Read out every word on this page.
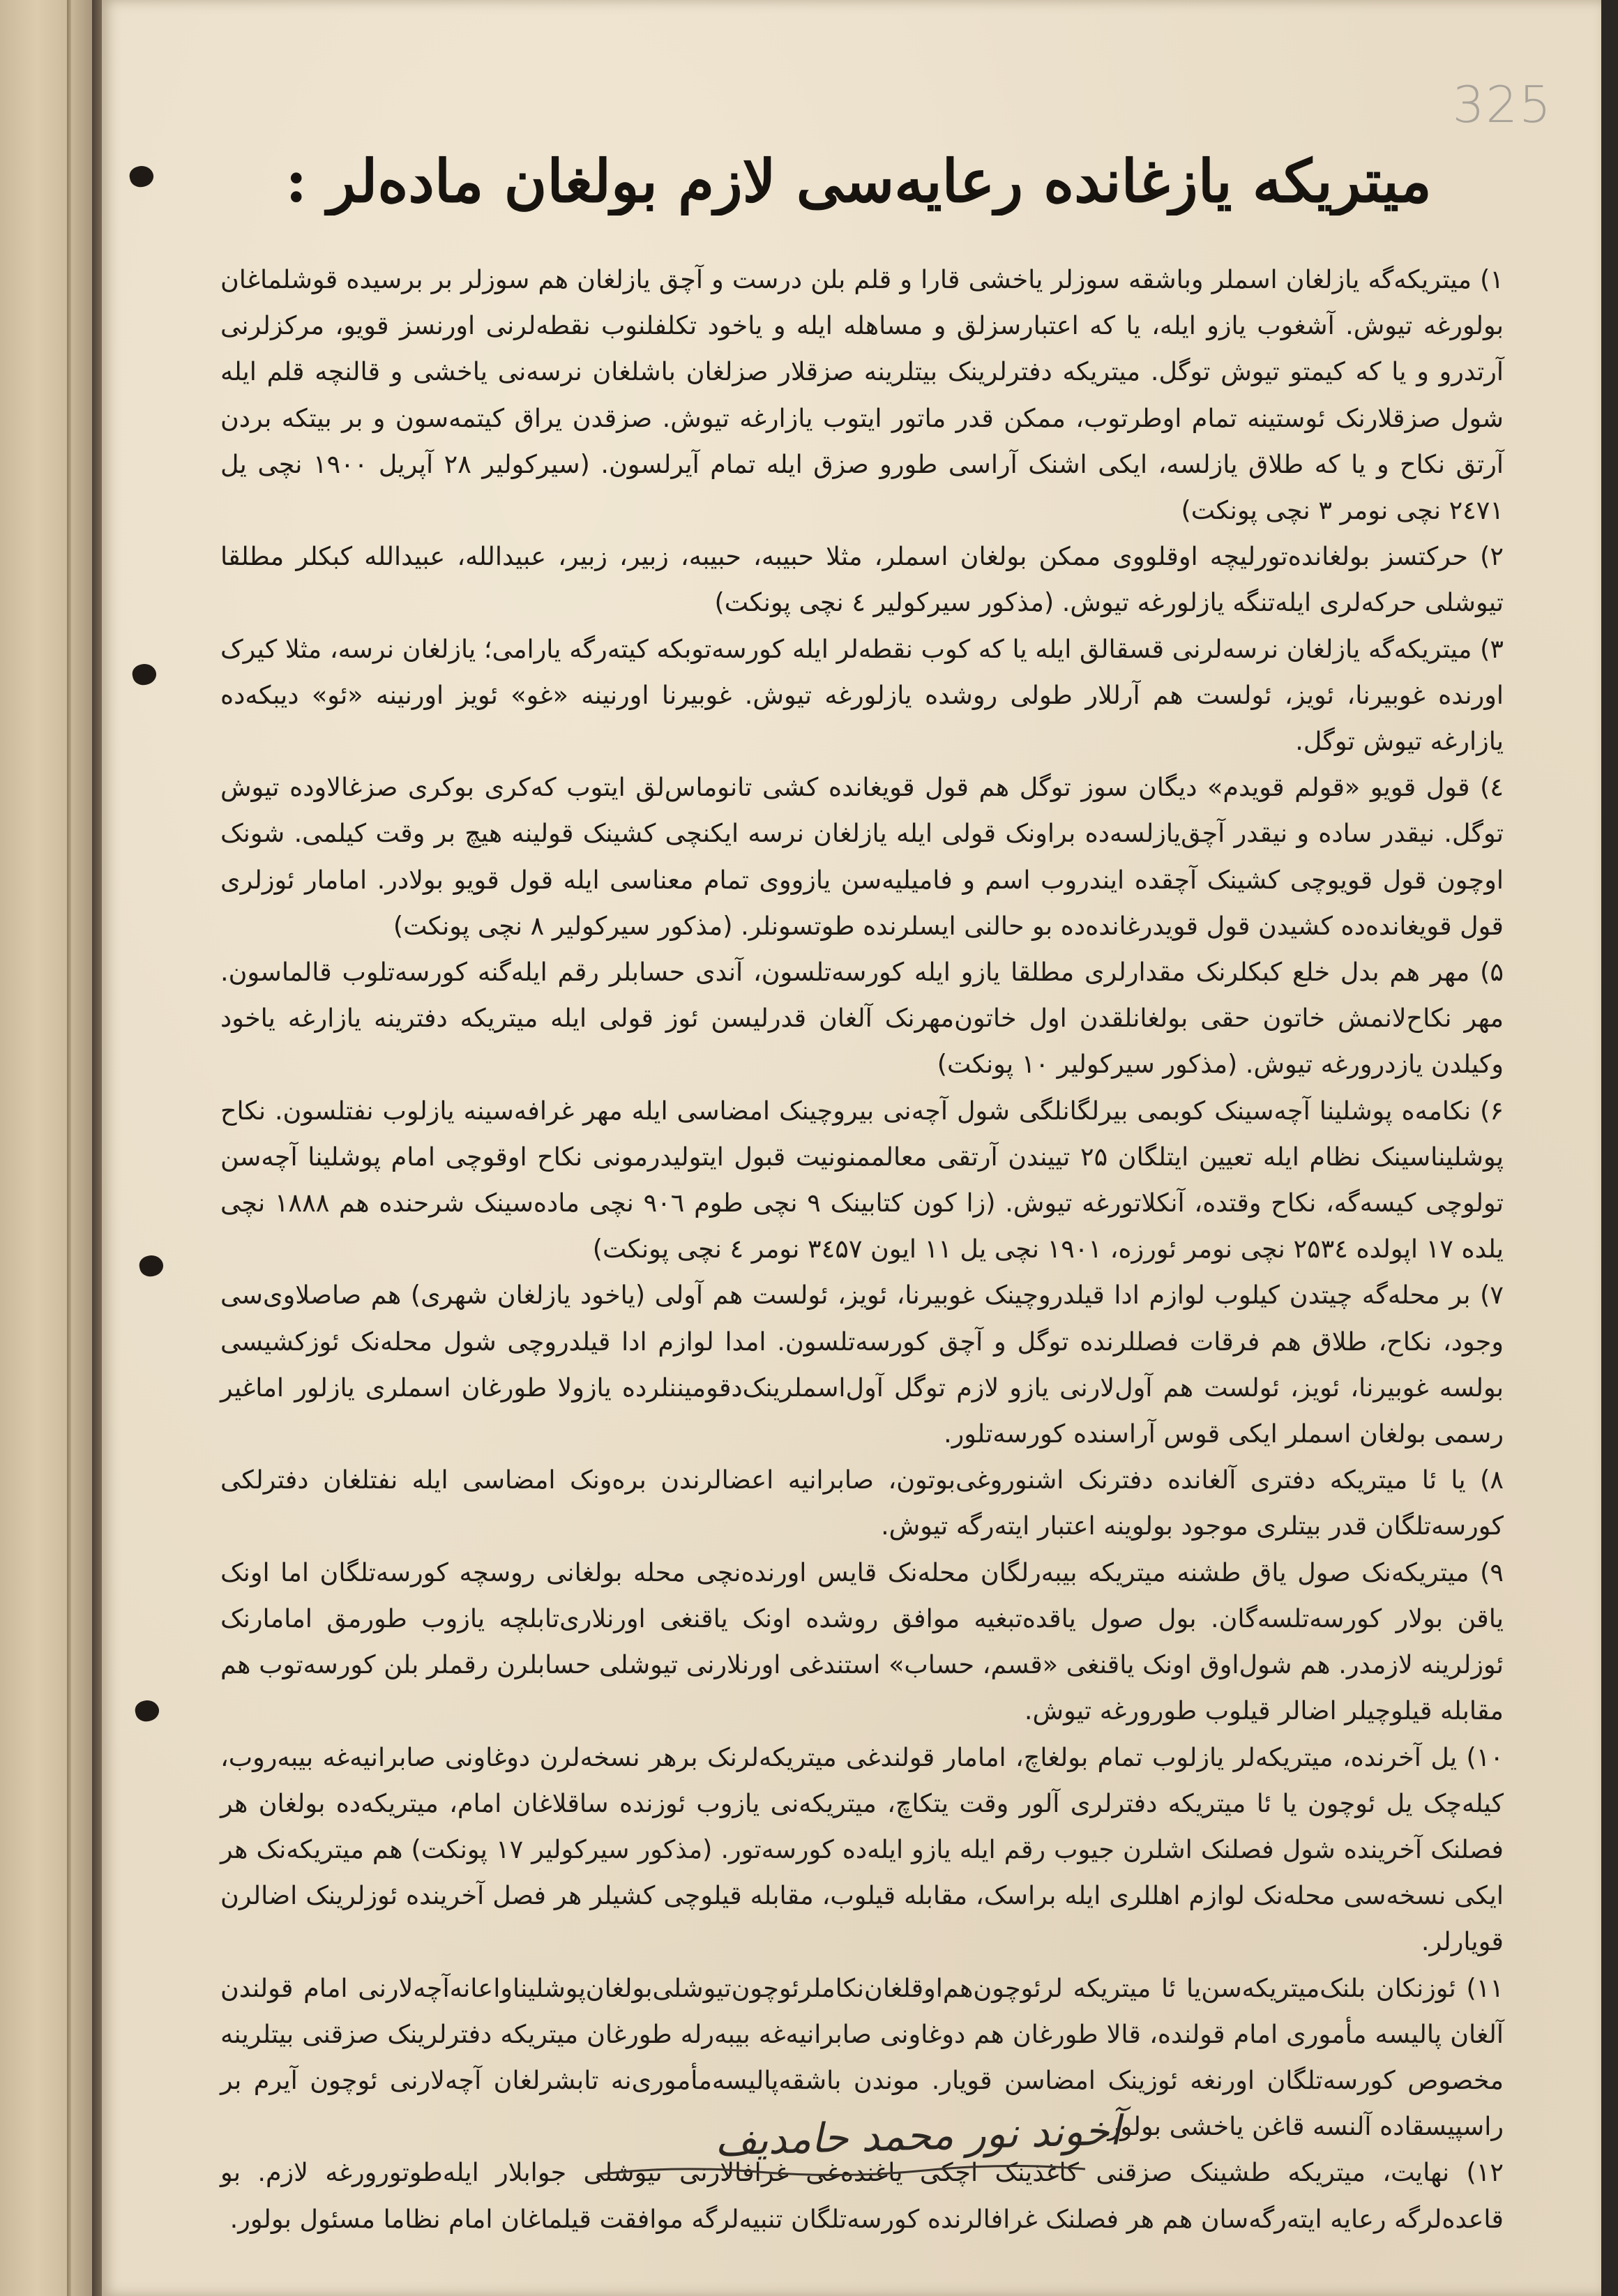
325
میتریکه یازغانده رعایه‌سی لازم بولغان ماده‌لر :

۱) میتریکه‌گه یازلغان اسملر وباشقه سوزلر یاخشی قارا و قلم بلن درست و آچق یازلغان هم سوزلر بر برسیده قوشلماغان بولورغه تیوش. آشغوب یازو ایله، یا که اعتبارسزلق و مساهله ایله و یاخود تکلفلنوب نقطه‌لرنی اورنسز قویو، مرکزلرنی آرتدرو و یا که کیمتو تیوش توگل. میتریکه دفترلرینک بیتلرینه صزقلار صزلغان باشلغان نرسه‌نی یاخشی و قالنچه قلم ایله شول صزقلارنک ئوستینه تمام اوطرتوب، ممکن قدر ماتور ایتوب یازارغه تیوش. صزقدن یراق کیتمه‌سون و بر بیتکه بردن آرتق نکاح و یا که طلاق یازلسه، ایکی اشنک آراسی طورو صزق ایله تمام آیرلسون. (سیرکولیر ۲۸ آپریل ۱۹۰۰ نچی یل ۲٤۷۱ نچی نومر ۳ نچی پونکت)

۲) حرکتسز بولغانده‌تورلیچه اوقلووی ممکن بولغان اسملر، مثلا حبیبه، حبیبه، زبیر، زبیر، عبیدالله، عبیدالله کبکلر مطلقا تیوشلی حرکه‌لری ایله‌تنگه یازلورغه تیوش. (مذکور سیرکولیر ٤ نچی پونکت)

۳) میتریکه‌گه یازلغان نرسه‌لرنی قسقالق ایله یا که کوب نقطه‌لر ایله کورسه‌توبکه کیته‌رگه یارامی؛ یازلغان نرسه، مثلا کیرک اورنده غوبیرنا، ئویز، ئولست هم آرللار طولی روشده یازلورغه تیوش. غوبیرنا اورنینه «غو» ئویز اورنینه «ئو» دیبکه‌ده یازارغه تیوش توگل.

٤) قول قویو «قولم قویدم» دیگان سوز توگل هم قول قویغانده کشی تانوماس‌لق ایتوب که‌کری بوکری صزغالاوده تیوش توگل. نیقدر ساده و نیقدر آچق‌یازلسه‌ده براونک قولی ایله یازلغان نرسه ایکنچی کشینک قولینه هیچ بر وقت کیلمی. شونک اوچون قول قویوچی کشینک آچقده ایندروب اسم و فامیلیه‌سن یازووی تمام معناسی ایله قول قویو بولادر. امامار ئوزلری قول قویغانده‌ده کشیدن قول قویدرغانده‌ده بو حالنی ایسلرنده طوتسونلر. (مذکور سیرکولیر ۸ نچی پونکت)

۵) مهر هم بدل خلع کبکلرنک مقدارلری مطلقا یازو ایله کورسه‌تلسون، آندی حسابلر رقم ایله‌گنه کورسه‌تلوب قالماسون. مهر نکاح‌لانمش خاتون حقی بولغانلقدن اول خاتون‌مهرنک آلغان قدرلیسن ئوز قولی ایله میتریکه دفترینه یازارغه یاخود وکیلدن یازدرورغه تیوش. (مذکور سیرکولیر ۱۰ پونکت)

۶) نکامه‌ه پوشلینا آچه‌سینک کوبمی بیرلگانلگی شول آچه‌نی بیروچینک امضاسی ایله مهر غرافه‌سینه یازلوب نفتلسون. نکاح پوشلیناسینک نظام ایله تعیین ایتلگان ۲۵ تییندن آرتقی معالممنونیت قبول ایتولیدرمونی نکاح اوقوچی امام پوشلینا آچه‌سن تولوچی کیسه‌گه، نکاح وقتده، آنکلاتورغه تیوش. (زا کون کتابینک ۹ نچی طوم ۹۰٦ نچی ماده‌سینک شرحنده هم ۱۸۸۸ نچی یلده ۱۷ اپولده ۲۵۳٤ نچی نومر ئورزه، ۱۹۰۱ نچی یل ۱۱ ایون ۳٤۵۷ نومر ٤ نچی پونکت)

۷) بر محله‌گه چیتدن کیلوب لوازم ادا قیلدروچینک غوبیرنا، ئویز، ئولست هم آولی (یاخود یازلغان شهری) هم صاصلاوی‌سی وجود، نکاح، طلاق هم فرقات فصللرنده توگل و آچق کورسه‌تلسون. امدا لوازم ادا قیلدروچی شول محله‌نک ئوزکشیسی بولسه غوبیرنا، ئویز، ئولست هم آول‌لارنی یازو لازم توگل آول‌اسملرینک‌دقومیننلرده یازولا طورغان اسملری یازلور اماغیر رسمی بولغان اسملر ایکی قوس آراسنده کورسه‌تلور.

۸) یا ئا میتریکه دفتری آلغانده دفترنک اشنوروغی‌بوتون، صابرانیه اعضالرندن بره‌ونک امضاسی ایله نفتلغان دفترلکی کورسه‌تلگان قدر بیتلری موجود بولوینه اعتبار ایته‌رگه تیوش.

۹) میتریکه‌نک صول یاق طشنه میتریکه بیبه‌رلگان محله‌نک قایس اورنده‌نچی محله بولغانی روسچه کورسه‌تلگان اما اونک یاقن بولار کورسه‌تلسه‌گان. بول صول یاقده‌تبغیه موافق روشده اونک یاقنغی اورنلاری‌تابلچه یازوب طورمق امامارنک ئوزلرینه لازمدر. هم شول‌اوق اونک یاقنغی «قسم، حساب» استندغی اورنلارنی تیوشلی حسابلرن رقملر بلن کورسه‌توب هم مقابله قیلوچیلر اضالر قیلوب طورورغه تیوش.

۱۰) یل آخرنده، میتریکه‌لر یازلوب تمام بولغاچ، امامار قولندغی میتریکه‌لرنک برهر نسخه‌لرن دوغاونی صابرانیه‌غه بیبه‌روب، کیله‌چک یل ئوچون یا ئا میتریکه دفترلری آلور وقت یتکاچ، میتریکه‌نی یازوب ئوزنده ساقلاغان امام، میتریکه‌ده بولغان هر فصلنک آخرینده شول فصلنک اشلرن جیوب رقم ایله یازو ایله‌ده کورسه‌تور. (مذکور سیرکولیر ۱۷ پونکت) هم میتریکه‌نک هر ایکی نسخه‌سی محله‌نک لوازم اهللری ایله براسک، مقابله قیلوب، مقابله قیلوچی کشیلر هر فصل آخرینده ئوزلرینک اضالرن قویارلر.

۱۱) ئوزنکان بلنک‌میتریکه‌سن‌یا ئا میتریکه لرئوچون‌هم‌اوقلغان‌نکاملرئوچون‌تیوشلی‌بولغان‌پوشلیناواعانه‌آچه‌لارنی امام قولندن آلغان پالیسه مأموری امام قولنده، قالا طورغان هم دوغاونی صابرانیه‌غه بیبه‌رله طورغان میتریکه دفترلرینک صزقنی بیتلرینه مخصوص کورسه‌تلگان اورنغه ئوزینک امضاسن قویار. موندن باشقه‌پالیسه‌مأموری‌نه تابشرلغان آچه‌لارنی ئوچون آیرم بر راسپیسقاده آلنسه قاغن یاخشی بولور.

۱۲) نهایت، میتریکه طشینک صزقنی کاغذینک اچکی یاغنده‌غی غرافالارنی تیوشلی جوابلار ایله‌طوتورورغه لازم. بو قاعده‌لرگه رعایه ایته‌رگه‌سان هم هر فصلنک غرافالرنده کورسه‌تلگان تنبیه‌لرگه موافقت قیلماغان امام نظاما مسئول بولور.

آخوند نور محمد حامدیف
